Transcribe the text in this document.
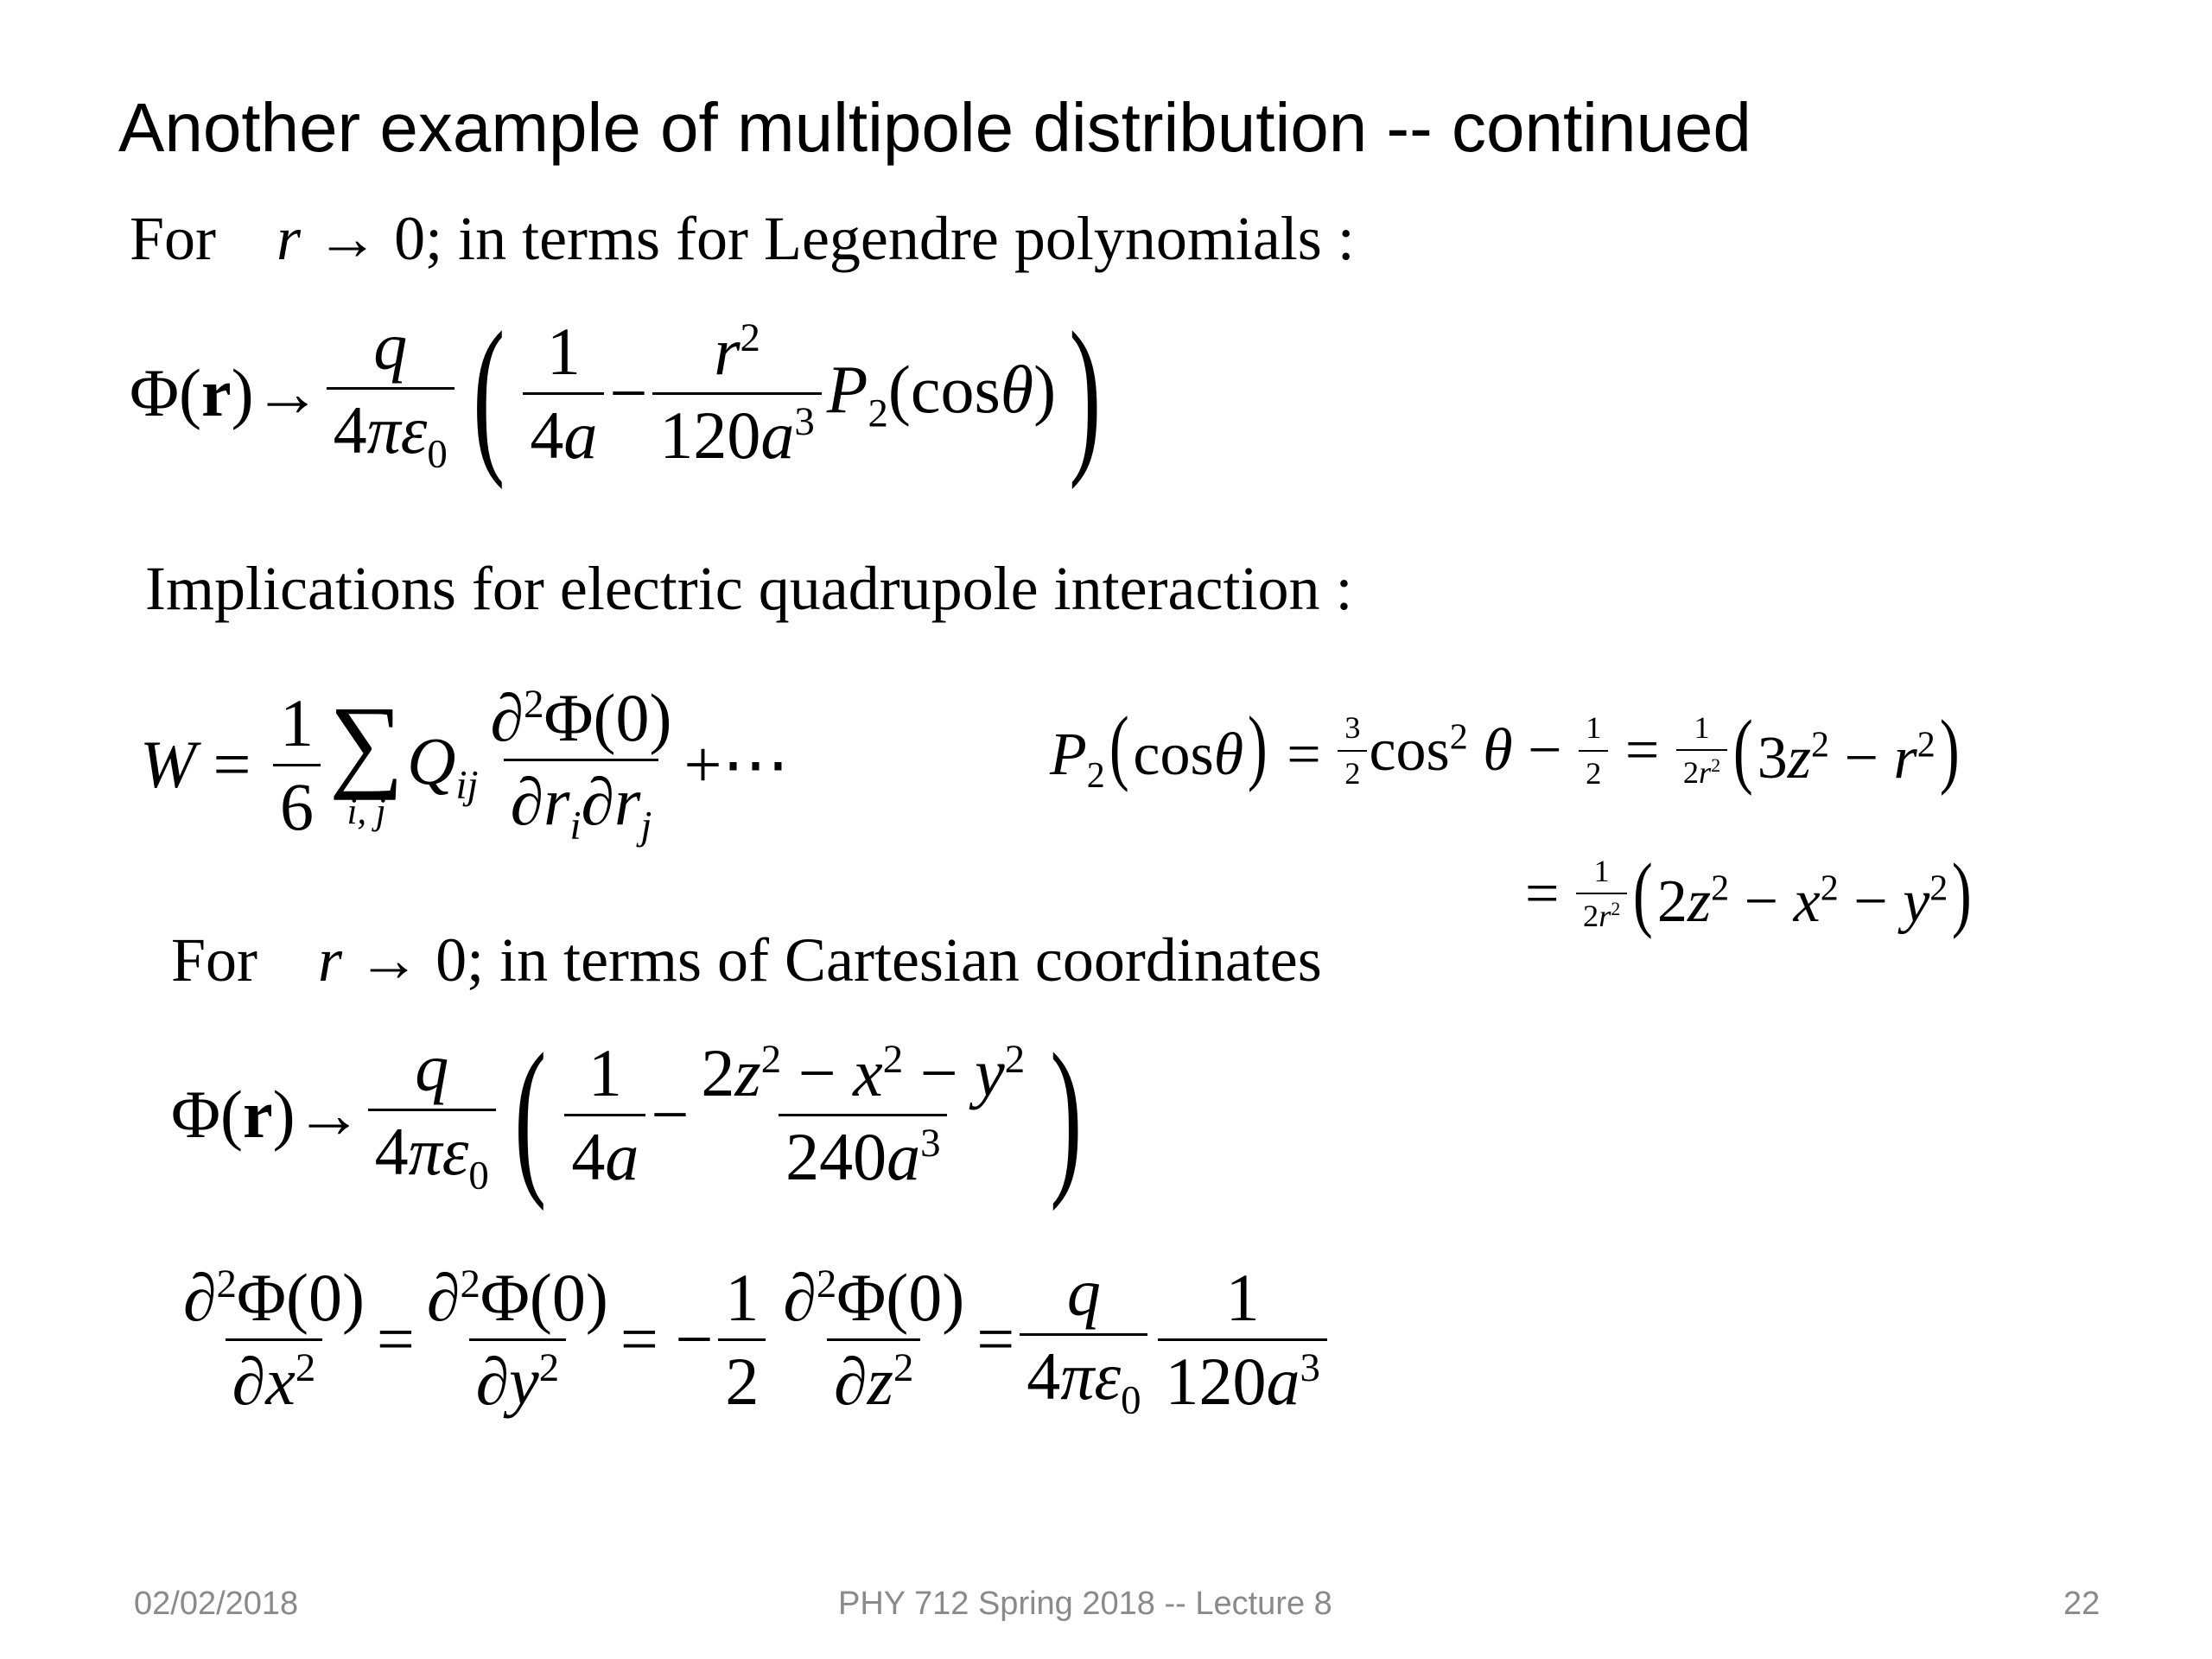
Another example of multipole distribution -- continued
For r → 0; in terms for Legendre polynomials :
$\Phi(r)\to \frac{q}{4\pi\varepsilon_0}$ ( $\frac{1}{4a} - \frac{r^2}{120a^3} P_2(\cos\theta)$ )
Implications for electric quadrupole interaction :
$W = \frac{1}{6}$ ∑
i, j
$Q_{ij} \frac{\partial^2\Phi(0)}{\partial r_i\partial r_j}$ +⋯	$P_2(\cos\theta) = \frac{3}{2} \cos^2 \theta - \frac{1}{2} = \frac{1}{2r^2} (3z^2 - r^2)$
= $\frac{1}{2r^2} (2z^2 - x^2 - y^2)$
For r → 0; in terms of Cartesian coordinates
$\Phi(r)\to \frac{q}{4\pi\varepsilon_0}$ ( $\frac{1}{4a} - \frac{2z^2 - x^2 - y^2}{240a^3}$ )
$\frac{\partial^2\Phi(0)}{\partial x^2} = \frac{\partial^2\Phi(0)}{\partial y^2}$ = − $\frac{1}{2} \frac{\partial^2\Phi(0)}{\partial z^2} = \frac{q}{4\pi\varepsilon_0} \frac{1}{120a^3}$
02/02/2018	PHY 712 Spring 2018 -- Lecture 8	22
